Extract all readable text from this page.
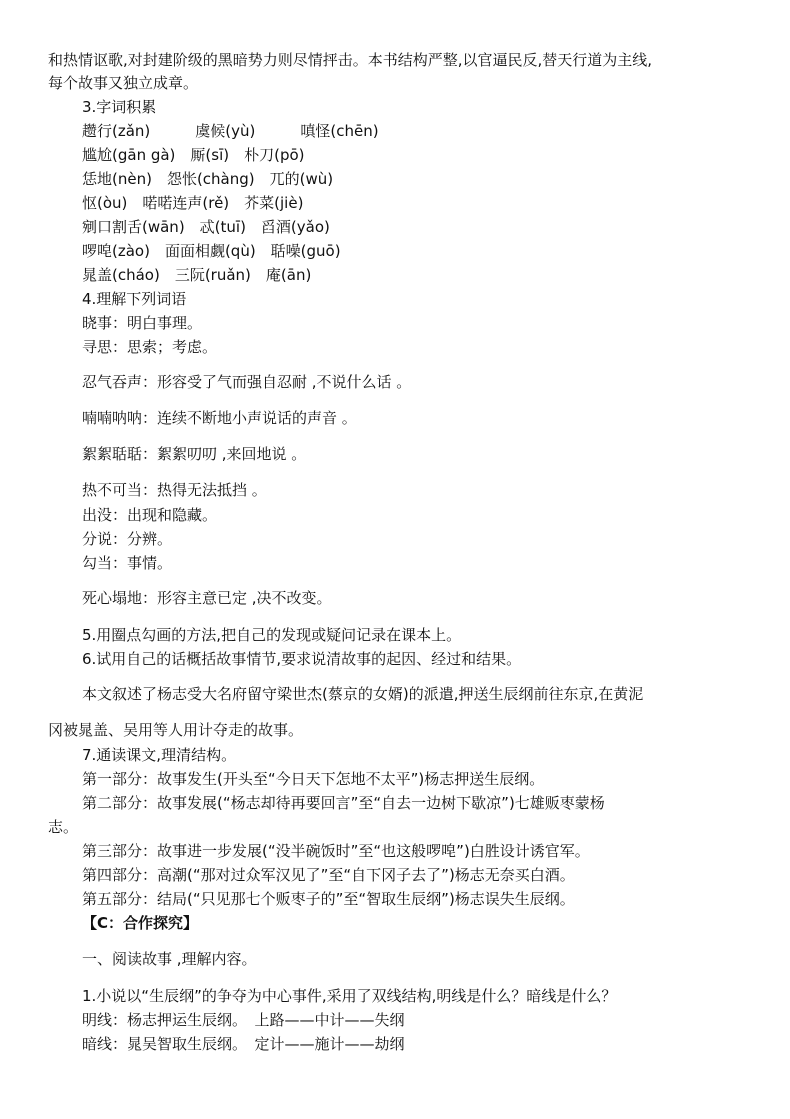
和热情讴歌,对封建阶级的黑暗势力则尽情抨击。本书结构严整,以官逼民反,替天行道为主线,
每个故事又独立成章。
3.字词积累
趱行(zǎn)　　　虞候(yù)　　　嗔怪(chēn)
尴尬(gān gà)　厮(sī)　朴刀(pō)
恁地(nèn)　怨怅(chàng)　兀的(wù)
怄(òu)　喏喏连声(rě)　芥菜(jiè)
剜口割舌(wān)　忒(tuī)　舀酒(yǎo)
啰唣(zào)　面面相觑(qù)　聒噪(guō)
晁盖(cháo)　三阮(ruǎn)　庵(ān)
4.理解下列词语
晓事：明白事理。
寻思：思索；考虑。
忍气吞声：形容受了气而强自忍耐 ,不说什么话 。
喃喃呐呐：连续不断地小声说话的声音 。
絮絮聒聒：絮絮叨叨 ,来回地说 。
热不可当：热得无法抵挡 。
出没：出现和隐藏。
分说：分辨。
勾当：事情。
死心塌地：形容主意已定 ,决不改变。
5.用圈点勾画的方法,把自己的发现或疑问记录在课本上。
6.试用自己的话概括故事情节,要求说清故事的起因、经过和结果。
本文叙述了杨志受大名府留守梁世杰(蔡京的女婿)的派遣,押送生辰纲前往东京,在黄泥
冈被晁盖、吴用等人用计夺走的故事。
7.通读课文,理清结构。
第一部分：故事发生(开头至“今日天下怎地不太平”)杨志押送生辰纲。
第二部分：故事发展(“杨志却待再要回言”至“自去一边树下歇凉”)七雄贩枣蒙杨
志。
第三部分：故事进一步发展(“没半碗饭时”至“也这般啰唣”)白胜设计诱官军。
第四部分：高潮(“那对过众军汉见了”至“自下冈子去了”)杨志无奈买白酒。
第五部分：结局(“只见那七个贩枣子的”至“智取生辰纲”)杨志误失生辰纲。
【C：合作探究】
一、阅读故事 ,理解内容。
1.小说以“生辰纲”的争夺为中心事件,采用了双线结构,明线是什么？暗线是什么？
明线：杨志押运生辰纲。　上路——中计——失纲
暗线：晁吴智取生辰纲。　定计——施计——劫纲
